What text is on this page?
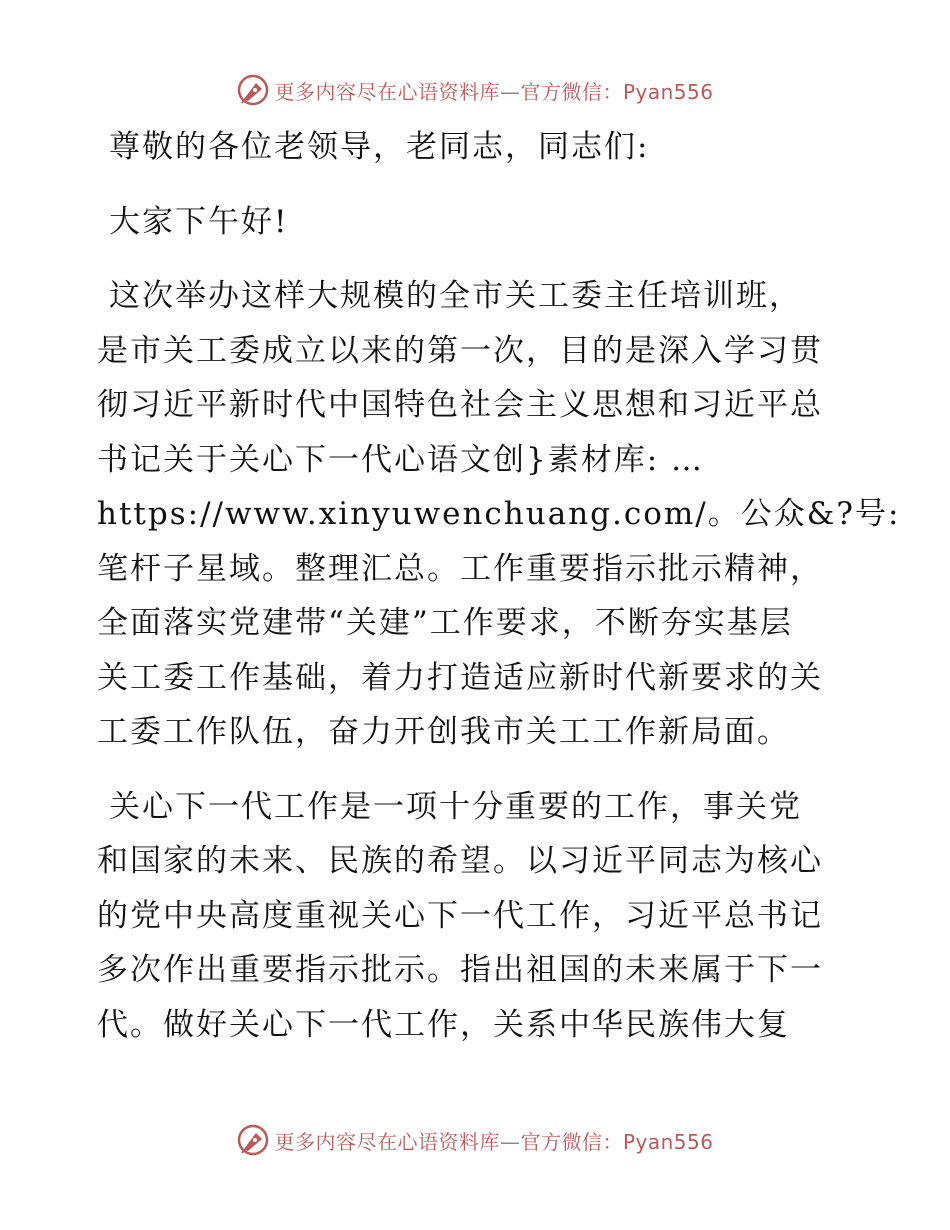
更多内容尽在心语资料库—官方微信：Pyan556

尊敬的各位老领导，老同志，同志们:

大家下午好!

这次举办这样大规模的全市关工委主任培训班，
是市关工委成立以来的第一次，目的是深入学习贯
彻习近平新时代中国特色社会主义思想和习近平总
书记关于关心下一代心语文创}素材库: …
https://www.xinyuwenchuang.com/。公众&?号:
笔杆子星域。整理汇总。工作重要指示批示精神，
全面落实党建带“关建”工作要求，不断夯实基层
关工委工作基础，着力打造适应新时代新要求的关
工委工作队伍，奋力开创我市关工工作新局面。

关心下一代工作是一项十分重要的工作，事关党
和国家的未来、民族的希望。以习近平同志为核心
的党中央高度重视关心下一代工作，习近平总书记
多次作出重要指示批示。指出祖国的未来属于下一
代。做好关心下一代工作，关系中华民族伟大复

更多内容尽在心语资料库—官方微信：Pyan556
